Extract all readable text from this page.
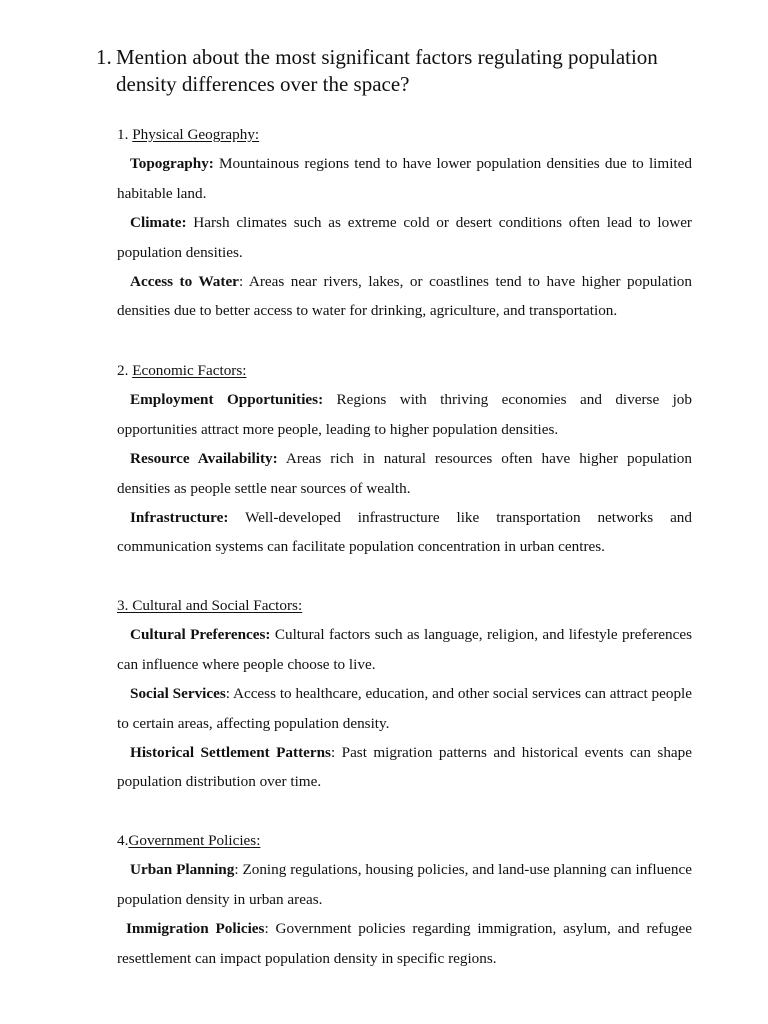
1. Mention about the most significant factors regulating population
density differences over the space?
1. Physical Geography:

Topography: Mountainous regions tend to have lower population densities due to limited habitable land.

Climate: Harsh climates such as extreme cold or desert conditions often lead to lower population densities.

Access to Water: Areas near rivers, lakes, or coastlines tend to have higher population densities due to better access to water for drinking, agriculture, and transportation.

2. Economic Factors:

Employment Opportunities: Regions with thriving economies and diverse job opportunities attract more people, leading to higher population densities.

Resource Availability: Areas rich in natural resources often have higher population densities as people settle near sources of wealth.

Infrastructure: Well-developed infrastructure like transportation networks and communication systems can facilitate population concentration in urban centres.

3. Cultural and Social Factors:

Cultural Preferences: Cultural factors such as language, religion, and lifestyle preferences can influence where people choose to live.

Social Services: Access to healthcare, education, and other social services can attract people to certain areas, affecting population density.

Historical Settlement Patterns: Past migration patterns and historical events can shape population distribution over time.

4.Government Policies:

Urban Planning: Zoning regulations, housing policies, and land-use planning can influence population density in urban areas.

Immigration Policies: Government policies regarding immigration, asylum, and refugee resettlement can impact population density in specific regions.
